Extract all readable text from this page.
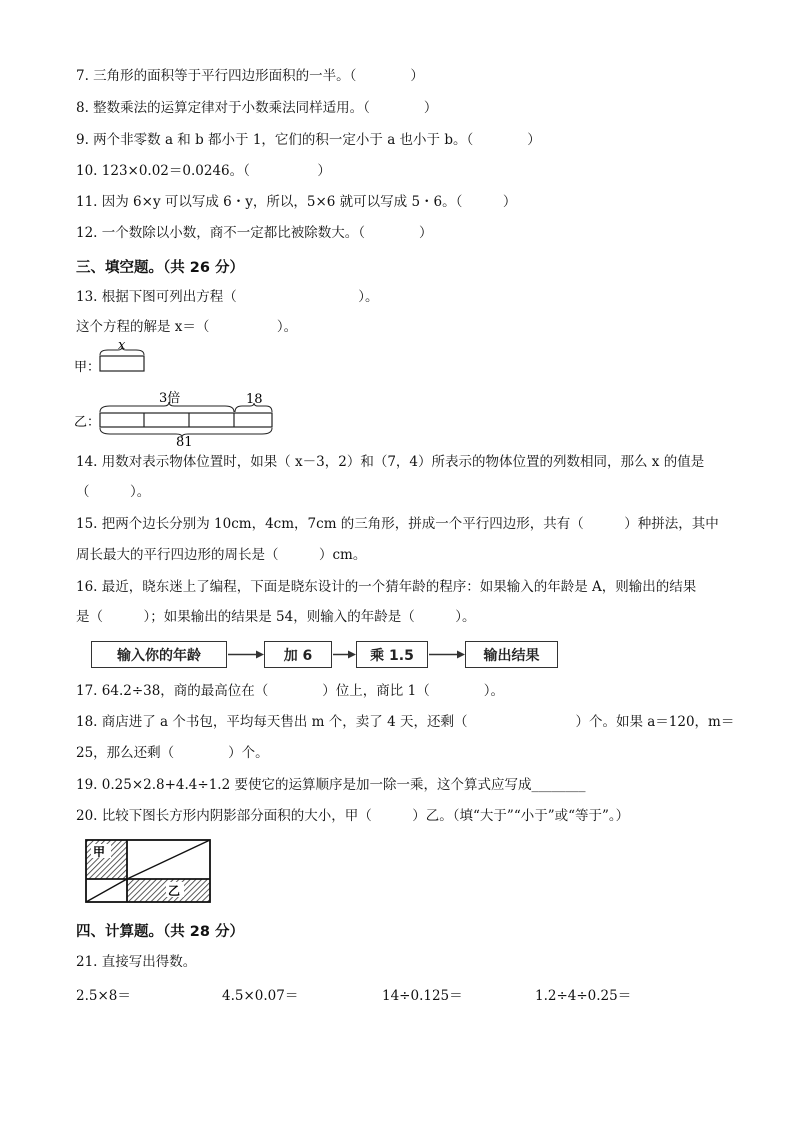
7. 三角形的面积等于平行四边形面积的一半。（　　　　）
8. 整数乘法的运算定律对于小数乘法同样适用。（　　　　）
9. 两个非零数 a 和 b 都小于 1，它们的积一定小于 a 也小于 b。（　　　　）
10. 123×0.02＝0.0246。（　　　　　）
11. 因为 6×y 可以写成 6・y，所以，5×6 就可以写成 5・6。（　　　）
12. 一个数除以小数，商不一定都比被除数大。（　　　　）
三、填空题。（共 26 分）
13. 根据下图可列出方程（　　　　　　　　　）。
这个方程的解是 x＝（　　　　　）。
x
甲：
3倍	18
乙：
81
14. 用数对表示物体位置时，如果（ x－3，2）和（7，4）所表示的物体位置的列数相同，那么 x 的值是
（　　　）。
15. 把两个边长分别为 10cm，4cm，7cm 的三角形，拼成一个平行四边形，共有（　　　）种拼法，其中
周长最大的平行四边形的周长是（　　　）cm。
16. 最近，晓东迷上了编程，下面是晓东设计的一个猜年龄的程序：如果输入的年龄是 A，则输出的结果
是（　　　）；如果输出的结果是 54，则输入的年龄是（　　　）。
输入你的年龄	加 6	乘 1.5	输出结果
17. 64.2÷38，商的最高位在（　　　　）位上，商比 1（　　　　）。
18. 商店进了 a 个书包，平均每天售出 m 个，卖了 4 天，还剩（　　　　　　　　）个。如果 a＝120，m＝
25，那么还剩（　　　　）个。
19. 0.25×2.8+4.4÷1.2 要使它的运算顺序是加一除一乘，这个算式应写成________
20. 比较下图长方形内阴影部分面积的大小，甲（　　　）乙。（填“大于”“小于”或“等于”。）
甲
乙
四、计算题。（共 28 分）
21. 直接写出得数。
2.5×8＝	4.5×0.07＝	14÷0.125＝	1.2÷4÷0.25＝
